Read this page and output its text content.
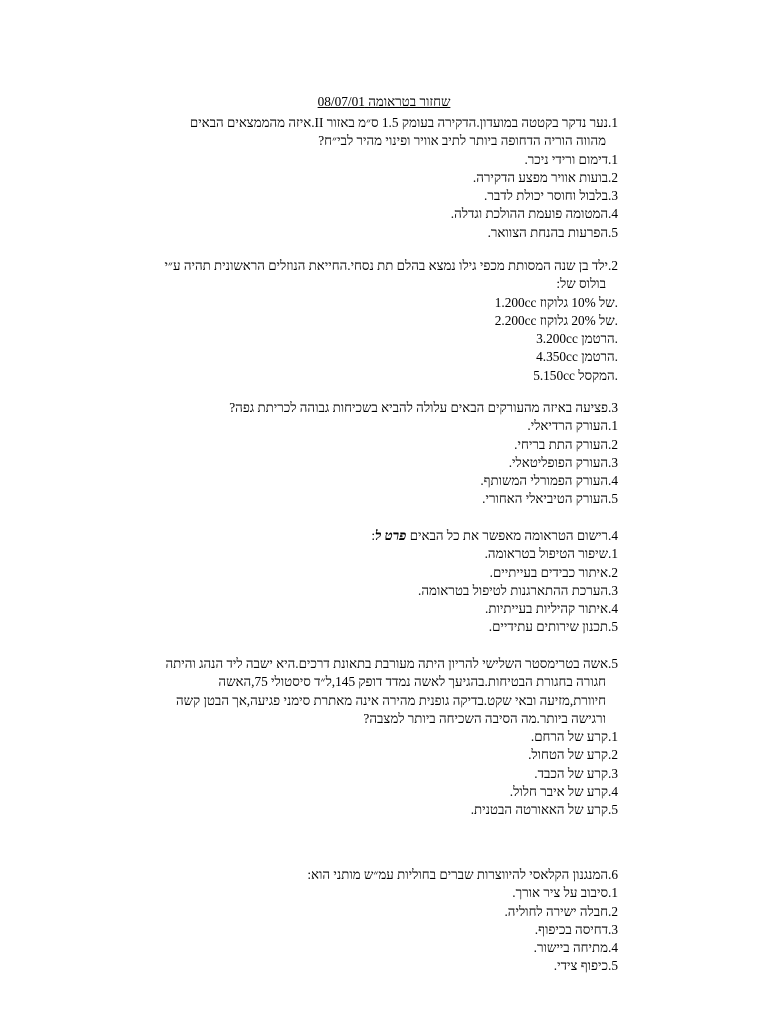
שחזור בטראומה 08/07/01
1.נער נדקר בקטטה במועדון.הדקירה בעומק 1.5 ס״מ באזור II.איזה מהממצאים הבאים
מהווה הוריה הדחופה ביותר לתיב אוויר ופינוי מהיר לבי״ח?
1.דימום ורידי ניכר.
2.בועות אוויר מפצע הדקירה.
3.בלבול וחוסר יכולת לדבר.
4.המטומה פועמת ההולכת וגדלה.
5.הפרעות בהנחת הצוואר.
2.ילד בן שנה המסותת מכפי גילו נמצא בהלם תת נסחי.החייאת הנוזלים הראשונית תהיה ע״י
בולוס של:
1.200cc של 10% גלוקוז.
2.200cc של 20% גלוקוז.
3.200cc הרטמן.
4.350cc הרטמן.
5.150cc המקסל.
3.פציעה באיזה מהעורקים הבאים עלולה להביא בשכיחות גבוהה לכריתת גפה?
1.העורק הרדיאלי.
2.העורק התת בריחי.
3.העורק הפופליטאלי.
4.העורק הפמורלי המשותף.
5.העורק הטיביאלי האחורי.
4.רישום הטראומה מאפשר את כל הבאים פרט ל:
1.שיפור הטיפול בטראומה.
2.איתור כבידים בעייתיים.
3.הערכת ההתארגנות לטיפול בטראומה.
4.איתור קהיליות בעייתיות.
5.תכנון שירותים עתידיים.
5.אשה בטרימסטר השלישי להריון היתה מעורבת בתאונת דרכים.היא ישבה ליד הנהג והיתה
חגורה בחגורת הבטיחות.בהגיעך לאשה נמדד דופק 145,ל״ד סיסטולי 75,האשה
חיוורת,מזיעה ובאי שקט.בדיקה גופנית מהירה אינה מאתרת סימני פגיעה,אך הבטן קשה
ורגישה ביותר.מה הסיבה השכיחה ביותר למצבה?
1.קרע של הרחם.
2.קרע של הטחול.
3.קרע של הכבד.
4.קרע של איבר חלול.
5.קרע של האאורטה הבטנית.
6.המנגנון הקלאסי להיווצרות שברים בחוליות עמ״ש מותני הוא:
1.סיבוב על ציר אורך.
2.חבלה ישירה לחוליה.
3.דחיסה בכיפוף.
4.מתיחה ביישור.
5.כיפוף צידי.
